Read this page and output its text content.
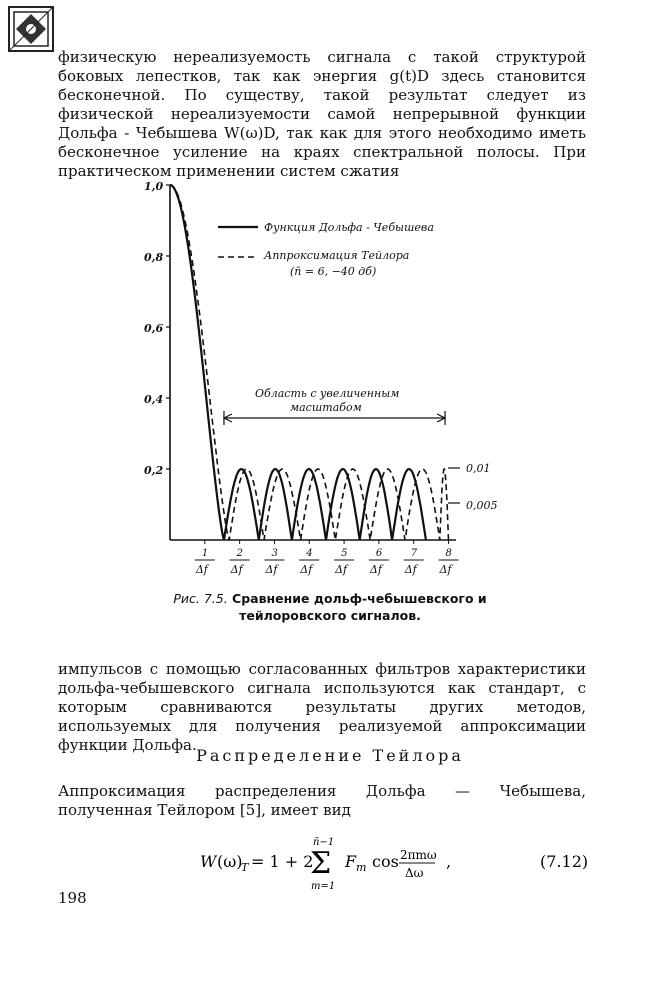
физическую нереализуемость сигнала с такой структурой боковых лепестков, так как энергия g(t)D здесь становится бесконечной. По существу, такой результат следует из физической нереализуемости самой непрерывной функции Дольфа - Чебышева W(ω)D, так как для этого необходимо иметь бесконечное усиление на краях спектральной полосы. При практическом применении систем сжатия

1,0
0,8
0,6
0,4
0,2
1
Δf
2
Δf
3
Δf
4
Δf
5
Δf
6
Δf
7
Δf
8
Δf
Функция Дольфа - Чебышева
Аппроксимация Тейлора
(n̄ = 6, −40 дб)
Область с увеличенным
масштабом
0,01
0,005
Рис. 7.5. Сравнение дольф-чебышевского и тейлоровского сигналов.

импульсов с помощью согласованных фильтров характеристики дольфа-чебышевского сигнала используются как стандарт, с которым сравниваются результаты других методов, используемых для получения реализуемой аппроксимации функции Дольфа.

Распределение Тейлора

Аппроксимация распределения Дольфа — Чебышева, полученная Тейлором [5], имеет вид

W (ω)
T = 1 + 2
Σ
n̄−1
m=1
F m cos 2πmω
Δω
,	(7.12)
198
